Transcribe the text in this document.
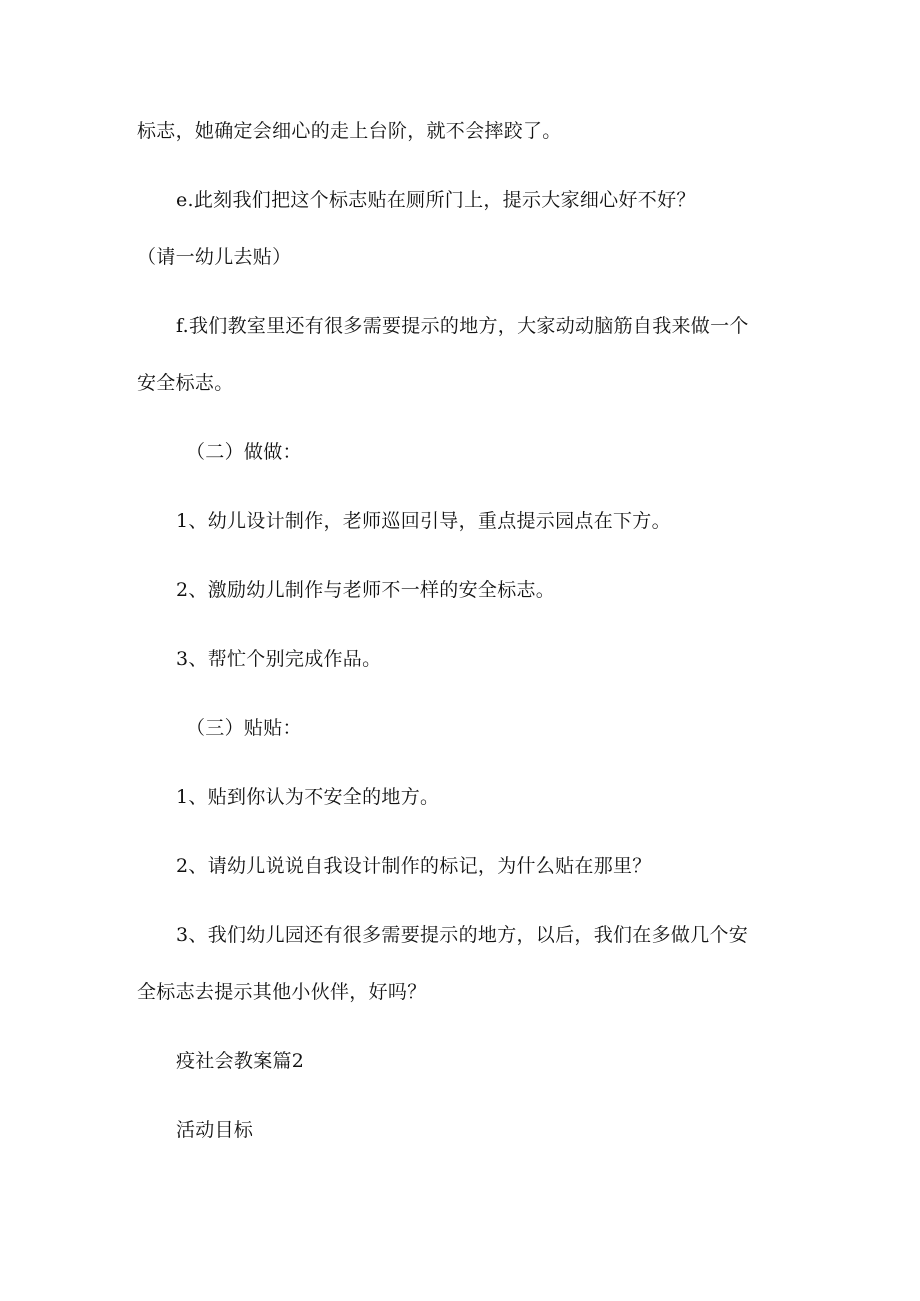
标志，她确定会细心的走上台阶，就不会摔跤了。
e.此刻我们把这个标志贴在厕所门上，提示大家细心好不好？
（请一幼儿去贴）
f.我们教室里还有很多需要提示的地方，大家动动脑筋自我来做一个
安全标志。
（二）做做：
1、幼儿设计制作，老师巡回引导，重点提示园点在下方。
2、激励幼儿制作与老师不一样的安全标志。
3、帮忙个别完成作品。
（三）贴贴：
1、贴到你认为不安全的地方。
2、请幼儿说说自我设计制作的标记，为什么贴在那里？
3、我们幼儿园还有很多需要提示的地方，以后，我们在多做几个安
全标志去提示其他小伙伴，好吗？
疫社会教案篇2
活动目标
